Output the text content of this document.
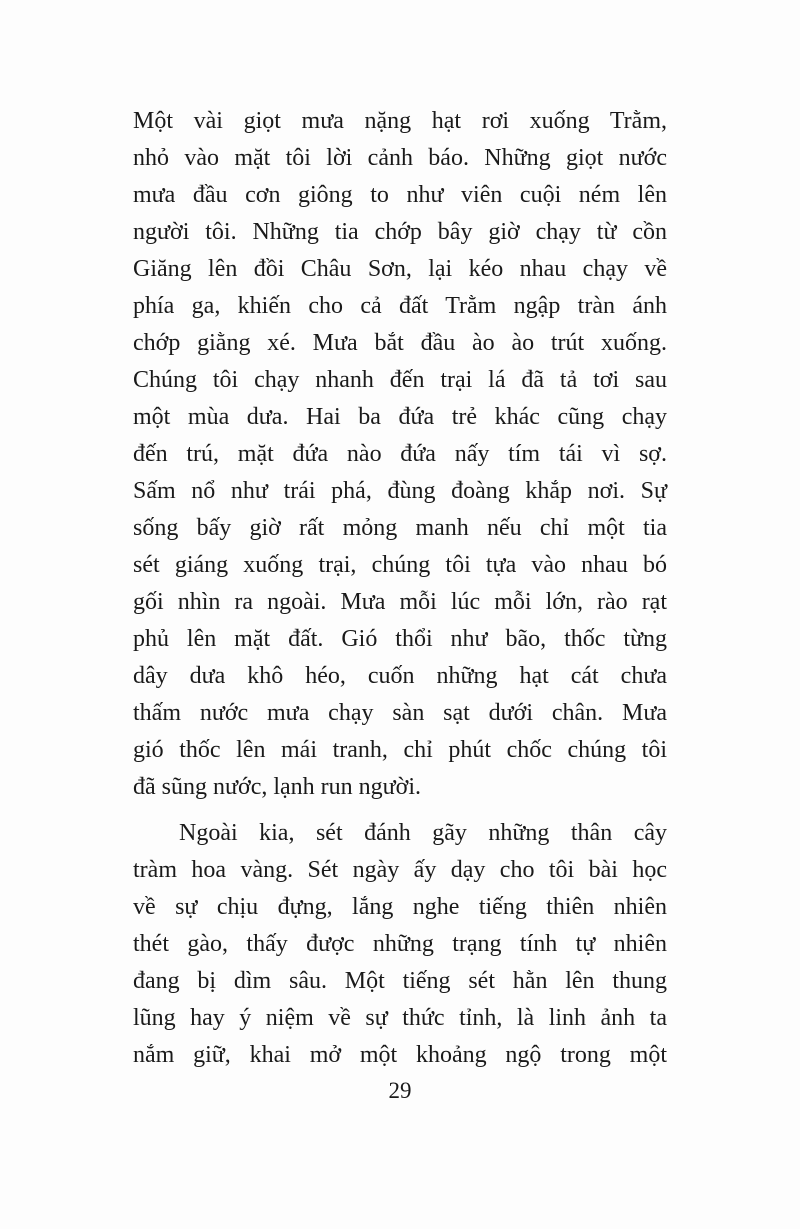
Một vài giọt mưa nặng hạt rơi xuống Trằm,
nhỏ vào mặt tôi lời cảnh báo. Những giọt nước
mưa đầu cơn giông to như viên cuội ném lên
người tôi. Những tia chớp bây giờ chạy từ cồn
Giăng lên đồi Châu Sơn, lại kéo nhau chạy về
phía ga, khiến cho cả đất Trằm ngập tràn ánh
chớp giằng xé. Mưa bắt đầu ào ào trút xuống.
Chúng tôi chạy nhanh đến trại lá đã tả tơi sau
một mùa dưa. Hai ba đứa trẻ khác cũng chạy
đến trú, mặt đứa nào đứa nấy tím tái vì sợ.
Sấm nổ như trái phá, đùng đoàng khắp nơi. Sự
sống bấy giờ rất mỏng manh nếu chỉ một tia
sét giáng xuống trại, chúng tôi tựa vào nhau bó
gối nhìn ra ngoài. Mưa mỗi lúc mỗi lớn, rào rạt
phủ lên mặt đất. Gió thổi như bão, thốc từng
dây dưa khô héo, cuốn những hạt cát chưa
thấm nước mưa chạy sàn sạt dưới chân. Mưa
gió thốc lên mái tranh, chỉ phút chốc chúng tôi
đã sũng nước, lạnh run người.
Ngoài kia, sét đánh gãy những thân cây
tràm hoa vàng. Sét ngày ấy dạy cho tôi bài học
về sự chịu đựng, lắng nghe tiếng thiên nhiên
thét gào, thấy được những trạng tính tự nhiên
đang bị dìm sâu. Một tiếng sét hằn lên thung
lũng hay ý niệm về sự thức tỉnh, là linh ảnh ta
nắm giữ, khai mở một khoảng ngộ trong một
29
